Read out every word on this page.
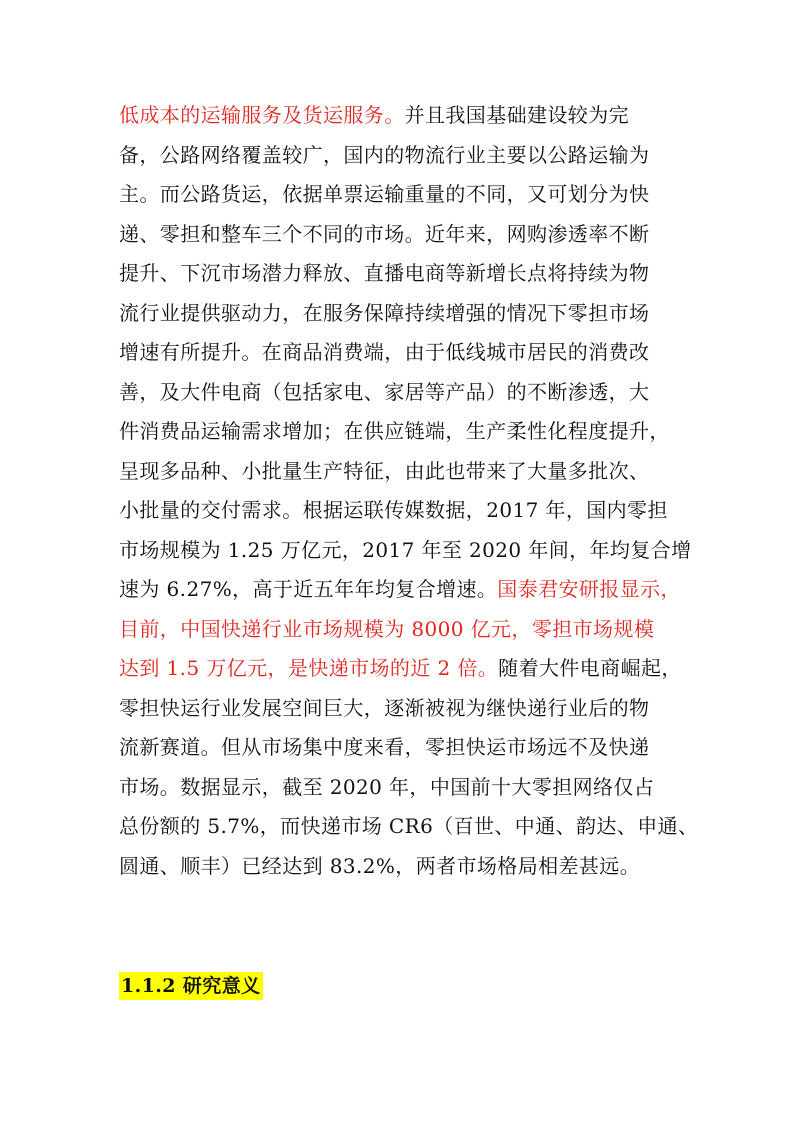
低成本的运输服务及货运服务。并且我国基础建设较为完
备，公路网络覆盖较广，国内的物流行业主要以公路运输为
主。而公路货运，依据单票运输重量的不同，又可划分为快
递、零担和整车三个不同的市场。近年来，网购渗透率不断
提升、下沉市场潜力释放、直播电商等新增长点将持续为物
流行业提供驱动力，在服务保障持续增强的情况下零担市场
增速有所提升。在商品消费端，由于低线城市居民的消费改
善，及大件电商（包括家电、家居等产品）的不断渗透，大
件消费品运输需求增加；在供应链端，生产柔性化程度提升，
呈现多品种、小批量生产特征，由此也带来了大量多批次、
小批量的交付需求。根据运联传媒数据，2017 年，国内零担
市场规模为 1.25 万亿元，2017 年至 2020 年间，年均复合增
速为 6.27%，高于近五年年均复合增速。国泰君安研报显示，
目前，中国快递行业市场规模为 8000 亿元，零担市场规模
达到 1.5 万亿元，是快递市场的近 2 倍。随着大件电商崛起，
零担快运行业发展空间巨大，逐渐被视为继快递行业后的物
流新赛道。但从市场集中度来看，零担快运市场远不及快递
市场。数据显示，截至 2020 年，中国前十大零担网络仅占
总份额的 5.7%，而快递市场 CR6（百世、中通、韵达、申通、
圆通、顺丰）已经达到 83.2%，两者市场格局相差甚远。

1.1.2 研究意义
